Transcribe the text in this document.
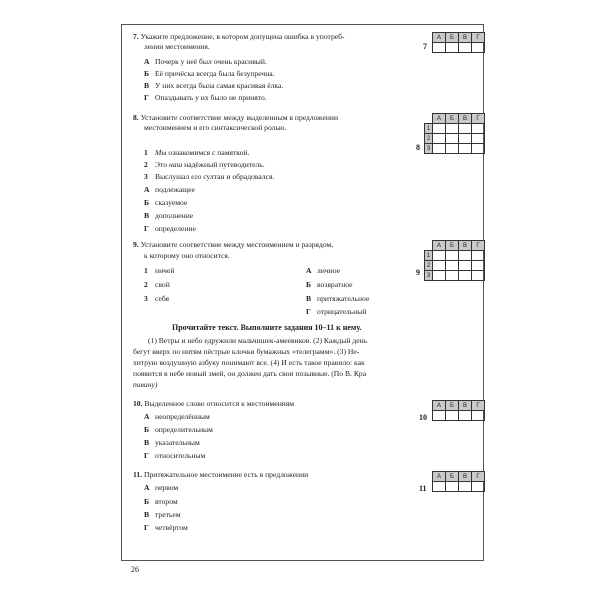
7. Укажите предложение, в котором допущена ошибка в употреб-
лении местоимения.
А Почерк у неё был очень красивый.
Б Её причёска всегда была безупречна.
В У них всегда была самая красивая ёлка.
Г Опаздывать у их было не принято.
7
А	Б	В	Г

8. Установите соответствие между выделенным в предложении
местоимением и его синтаксической ролью.
1 Мы ознакомимся с памяткой.
2 Это наш надёжный путеводитель.
3 Выслушал его султан и обрадовался.
А подлежащее
Б сказуемое
В дополнение
Г определение
8
	А	Б	В	Г
1				
2				
3				
9. Установите соответствие между местоимением и разрядом,
к которому оно относится.
1 ничей
2 свой
3 себя
А личное
Б возвратное
В притяжательное
Г отрицательный
9
	А	Б	В	Г
1				
2				
3				
Прочитайте текст. Выполните задания 10–11 к нему.
(1) Ветры и небо едружили мальчишек-амеевиков. (2) Каждый день
бегут вверх по нитям пёстрые клочки бумажных «телеграмм». (3) Не-
хитрую воздушную азбуку понимают все. (4) И есть такое правило: как
появится в небе новый змей, он должен дать свои позывные. (По В. Кра
пивину)
10. Выделенное слово относится к местоимениям
А неопределённым
Б определительным
В указательным
Г относительным
10
А	Б	В	Г

11. Притяжательное местоимение есть в предложении
А первом
Б втором
В третьем
Г четвёртом
11
А	Б	В	Г

26
